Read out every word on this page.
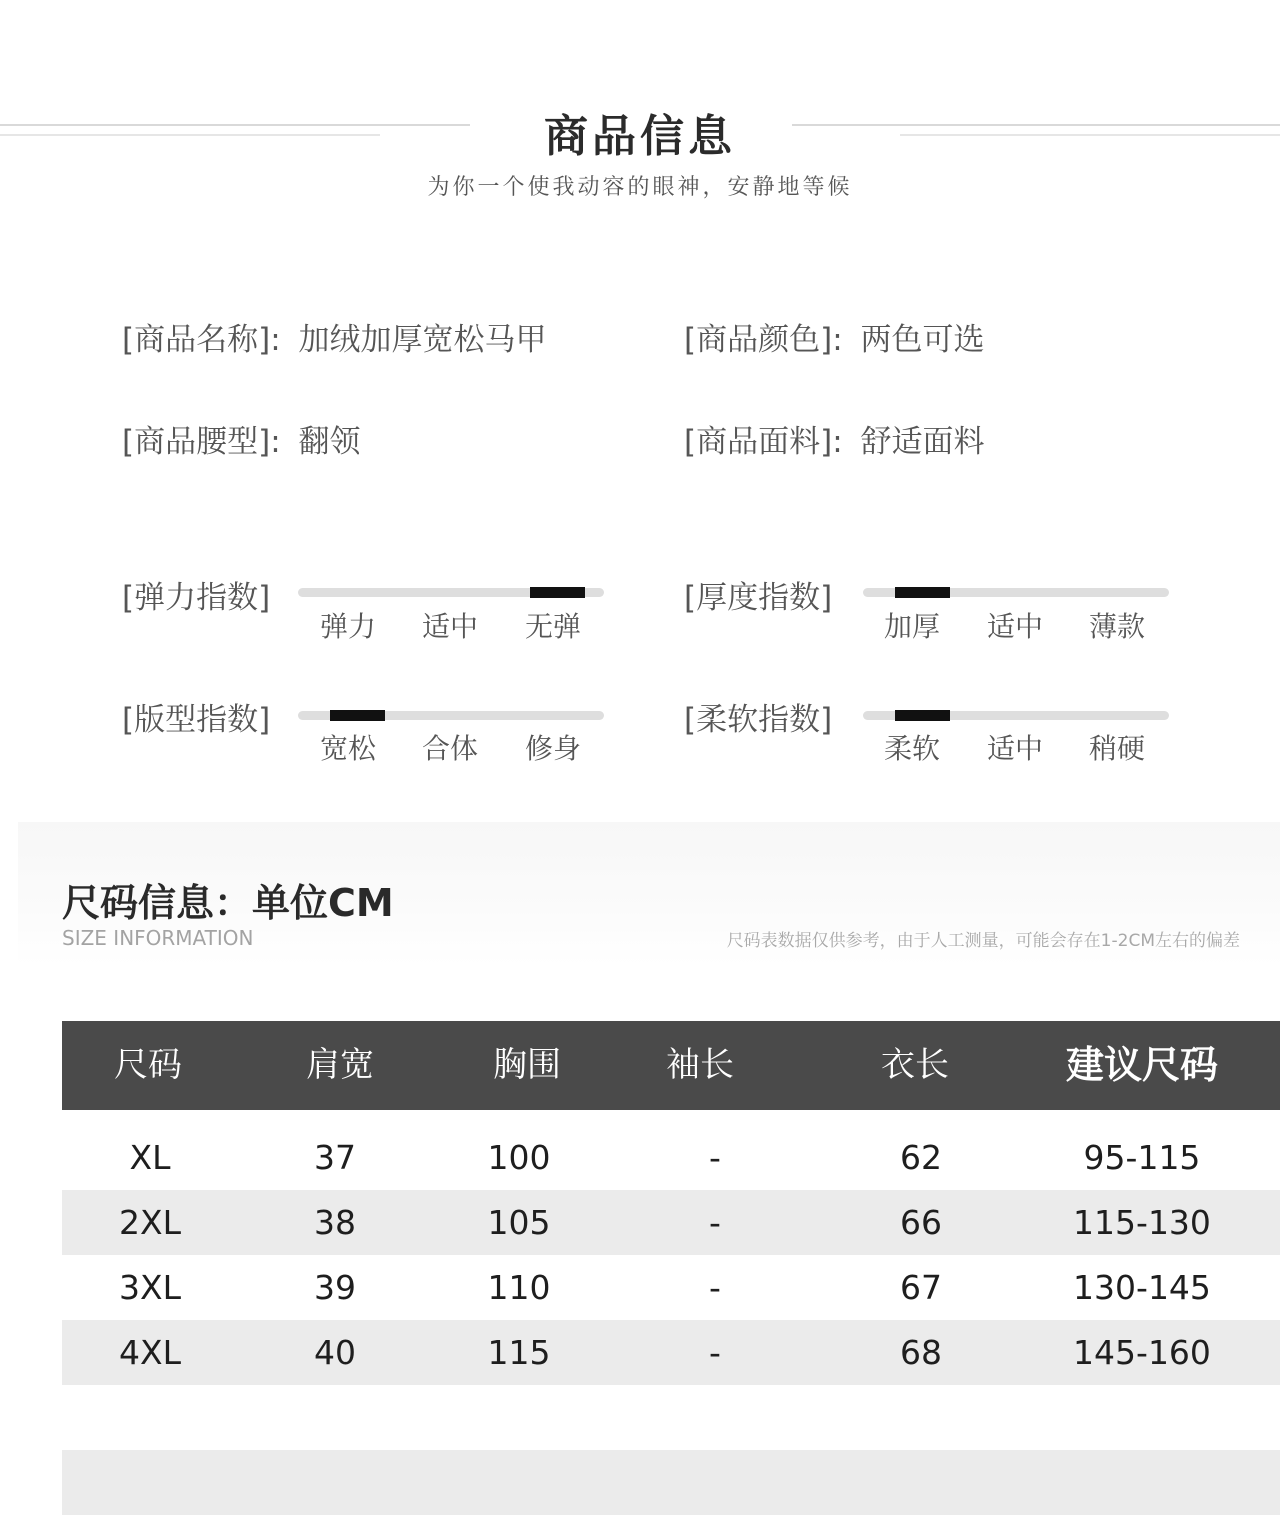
商品信息
为你一个使我动容的眼神，安静地等候
[商品名称]: 加绒加厚宽松马甲	[商品颜色]: 两色可选
[商品腰型]: 翻领	[商品面料]: 舒适面料
[弹力指数]
弹力 适中 无弹
[厚度指数]
加厚 适中 薄款
[版型指数]
宽松 合体 修身
[柔软指数]
柔软 适中 稍硬
尺码信息：单位CM
SIZE INFORMATION	尺码表数据仅供参考，由于人工测量，可能会存在1-2CM左右的偏差
尺码	肩宽	胸围	袖长	衣长	建议尺码
XL	37	100	-	62	95-115
2XL	38	105	-	66	115-130
3XL	39	110	-	67	130-145
4XL	40	115	-	68	145-160
